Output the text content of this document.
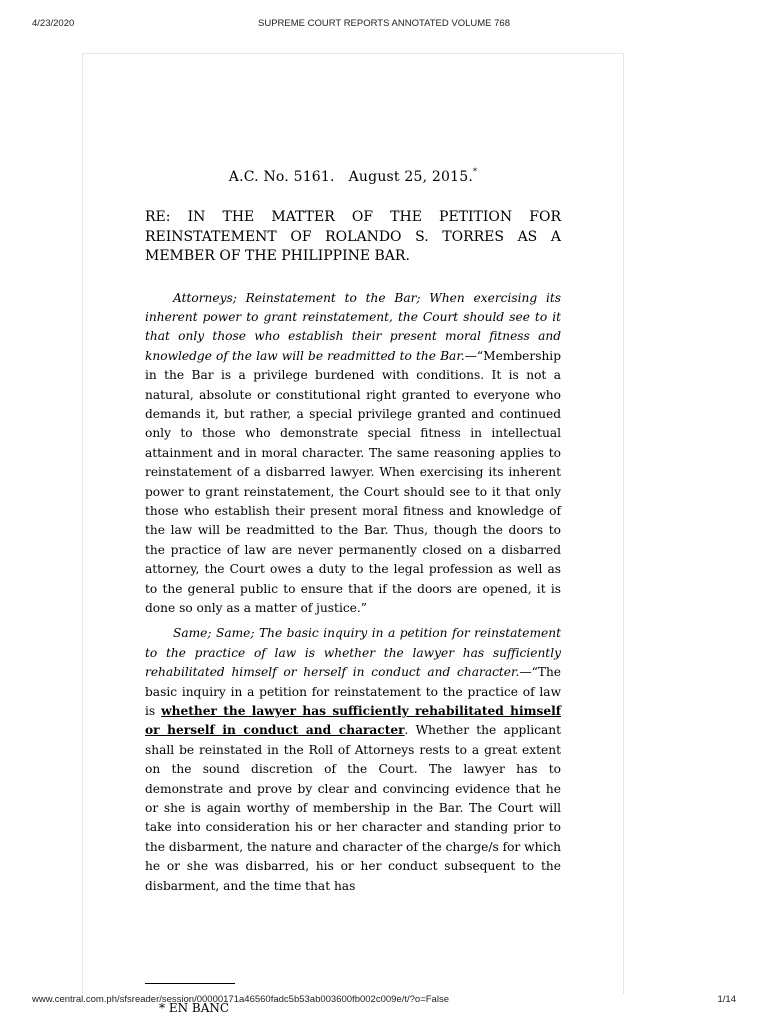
4/23/2020	SUPREME COURT REPORTS ANNOTATED VOLUME 768
A.C. No. 5161. August 25, 2015.*
RE: IN THE MATTER OF THE PETITION FOR REINSTATEMENT OF ROLANDO S. TORRES AS A MEMBER OF THE PHILIPPINE BAR.

Attorneys; Reinstatement to the Bar; When exercising its inherent power to grant reinstatement, the Court should see to it that only those who establish their present moral fitness and knowledge of the law will be readmitted to the Bar.—“Membership in the Bar is a privilege burdened with conditions. It is not a natural, absolute or constitutional right granted to everyone who demands it, but rather, a special privilege granted and continued only to those who demonstrate special fitness in intellectual attainment and in moral character. The same reasoning applies to reinstatement of a disbarred lawyer. When exercising its inherent power to grant reinstatement, the Court should see to it that only those who establish their present moral fitness and knowledge of the law will be readmitted to the Bar. Thus, though the doors to the practice of law are never permanently closed on a disbarred attorney, the Court owes a duty to the legal profession as well as to the general public to ensure that if the doors are opened, it is done so only as a matter of justice.”

Same; Same; The basic inquiry in a petition for reinstatement to the practice of law is whether the lawyer has sufficiently rehabilitated himself or herself in conduct and character.—“The basic inquiry in a petition for reinstatement to the practice of law is whether the lawyer has sufficiently rehabilitated himself or herself in conduct and character. Whether the applicant shall be reinstated in the Roll of Attorneys rests to a great extent on the sound discretion of the Court. The lawyer has to demonstrate and prove by clear and convincing evidence that he or she is again worthy of membership in the Bar. The Court will take into consideration his or her character and standing prior to the disbarment, the nature and character of the charge/s for which he or she was disbarred, his or her conduct subsequent to the disbarment, and the time that has

* EN BANC
www.central.com.ph/sfsreader/session/00000171a46560fadc5b53ab003600fb002c009e/t/?o=False	1/14
